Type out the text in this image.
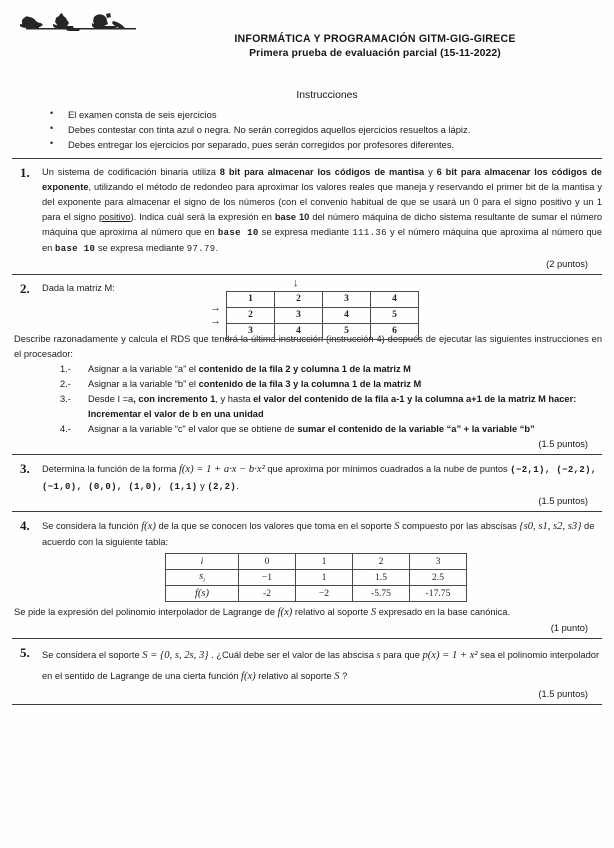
INFORMÁTICA Y PROGRAMACIÓN GITM-GIG-GIRECE
Primera prueba de evaluación parcial (15-11-2022)
Instrucciones
• El examen consta de seis ejercicios
• Debes contestar con tinta azul o negra. No serán corregidos aquellos ejercicios resueltos a lápiz.
• Debes entregar los ejercicios por separado, pues serán corregidos por profesores diferentes.
1. Un sistema de codificación binaria utiliza 8 bit para almacenar los códigos de mantisa y 6 bit para almacenar los códigos de exponente, utilizando el método de redondeo para aproximar los valores reales que maneja y reservando el primer bit de la mantisa y del exponente para almacenar el signo de los números (con el convenio habitual de que se usará un 0 para el signo positivo y un 1 para el signo positivo). Indica cuál será la expresión en base 10 del número máquina de dicho sistema resultante de sumar el número máquina que aproxima al número que en base 10 se expresa mediante 111.36 y el número máquina que aproxima al número que en base 10 se expresa mediante 97.79.

(2 puntos)
2. Dada la matriz M:	↓
→
→
1	2	3	4
2	3	4	5
3	4	5	6

Describe razonadamente y calcula el RDS que tendrá la última instrucción (instrucción 4) después de ejecutar las siguientes instrucciones en el procesador:

1.- Asignar a la variable “a” el contenido de la fila 2 y columna 1 de la matriz M
2.- Asignar a la variable “b” el contenido de la fila 3 y la columna 1 de la matriz M
3.- Desde I =a, con incremento 1, y hasta el valor del contenido de la fila a-1 y la columna a+1 de la matriz M hacer:
Incrementar el valor de b en una unidad
4.- Asignar a la variable “c” el valor que se obtiene de sumar el contenido de la variable “a” + la variable “b”
(1.5 puntos)
3. Determina la función de la forma f(x) = 1 + a·x − b·x² que aproxima por mínimos cuadrados a la nube de puntos (−2,1), (−2,2), (−1,0), (0,0), (1,0), (1,1) y (2,2).

(1.5 puntos)
4. Se considera la función f(x) de la que se conocen los valores que toma en el soporte S compuesto por las abscisas {s0, s1, s2, s3} de acuerdo con la siguiente tabla:

i	0	1	2	3
$s_i$	−1	1	1.5	2.5
f(s)	-2	−2	-5.75	-17.75

Se pide la expresión del polinomio interpolador de Lagrange de f(x) relativo al soporte S expresado en la base canónica.

(1 punto)
5. Se considera el soporte S = {0, s, 2s, 3} . ¿Cuál debe ser el valor de las abscisa s para que p(x) = 1 + x² sea el polinomio interpolador en el sentido de Lagrange de una cierta función f(x) relativo al soporte S ?

(1.5 puntos)
